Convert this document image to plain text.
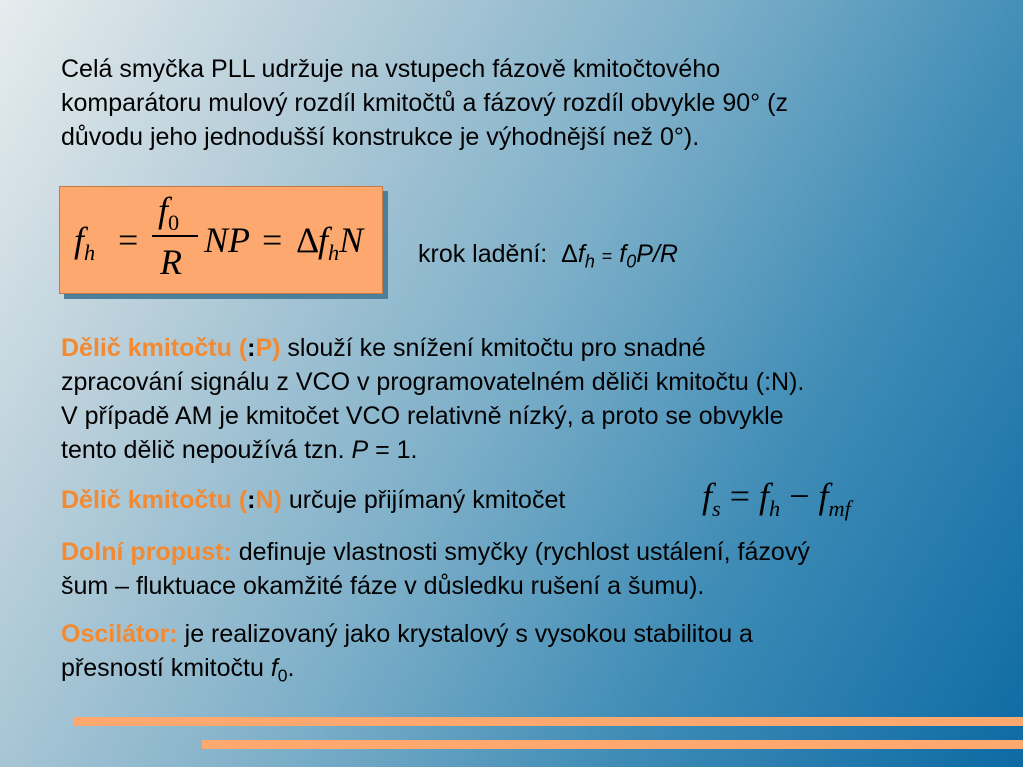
Celá smyčka PLL udržuje na vstupech fázově kmitočtového
komparátoru mulový rozdíl kmitočtů a fázový rozdíl obvykle 90° (z
důvodu jeho jednodušší konstrukce je výhodnější než 0°).

$f_h$ =
$f_0$
R
NP = Δ
$f_hN$ krok ladění: $\Delta f_h = f_0P/R$

Dělič kmitočtu (:P) slouží ke snížení kmitočtu pro snadné
zpracování signálu z VCO v programovatelném děliči kmitočtu (:N).
V případě AM je kmitočet VCO relativně nízký, a proto se obvykle
tento dělič nepoužívá tzn. P = 1.

Dělič kmitočtu (:N) určuje přijímaný kmitočet	$f_s = f_h - f_{mf}$

Dolní propust: definuje vlastnosti smyčky (rychlost ustálení, fázový
šum – fluktuace okamžité fáze v důsledku rušení a šumu).

Oscilátor: je realizovaný jako krystalový s vysokou stabilitou a
přesností kmitočtu $f_0$.
